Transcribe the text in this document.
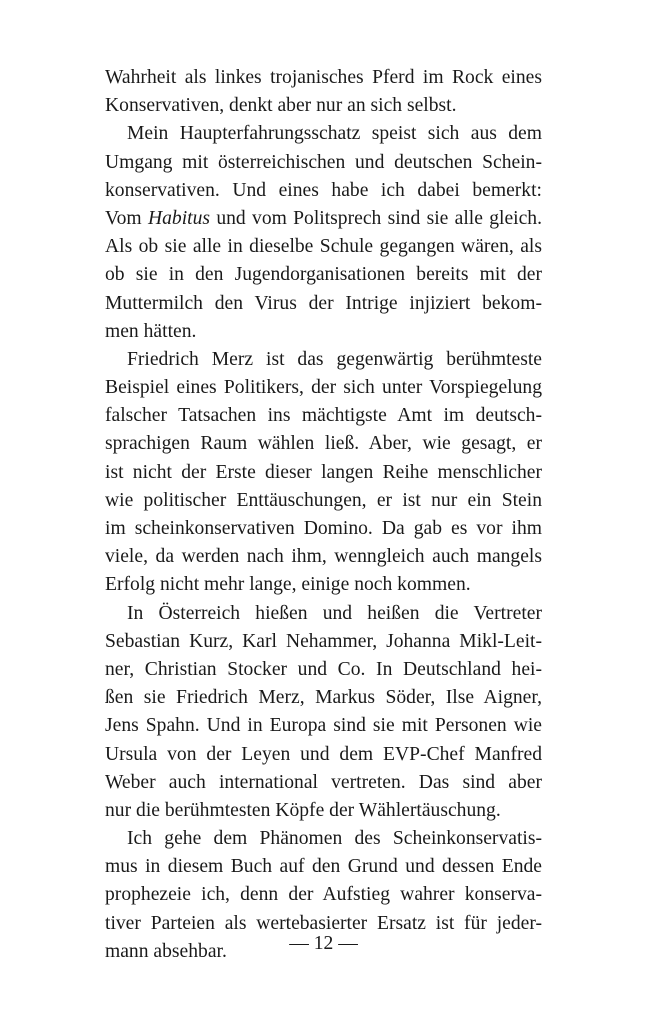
Wahrheit als linkes trojanisches Pferd im Rock eines
Konservativen, denkt aber nur an sich selbst.
Mein Haupterfahrungsschatz speist sich aus dem
Umgang mit österreichischen und deutschen Schein-
konservativen. Und eines habe ich dabei bemerkt:
Vom Habitus und vom Politsprech sind sie alle gleich.
Als ob sie alle in dieselbe Schule gegangen wären, als
ob sie in den Jugendorganisationen bereits mit der
Muttermilch den Virus der Intrige injiziert bekom-
men hätten.
Friedrich Merz ist das gegenwärtig berühmteste
Beispiel eines Politikers, der sich unter Vorspiegelung
falscher Tatsachen ins mächtigste Amt im deutsch-
sprachigen Raum wählen ließ. Aber, wie gesagt, er
ist nicht der Erste dieser langen Reihe menschlicher
wie politischer Enttäuschungen, er ist nur ein Stein
im scheinkonservativen Domino. Da gab es vor ihm
viele, da werden nach ihm, wenngleich auch mangels
Erfolg nicht mehr lange, einige noch kommen.
In Österreich hießen und heißen die Vertreter
Sebastian Kurz, Karl Nehammer, Johanna Mikl-Leit-
ner, Christian Stocker und Co. In Deutschland hei-
ßen sie Friedrich Merz, Markus Söder, Ilse Aigner,
Jens Spahn. Und in Europa sind sie mit Personen wie
Ursula von der Leyen und dem EVP-Chef Manfred
Weber auch international vertreten. Das sind aber
nur die berühmtesten Köpfe der Wählertäuschung.
Ich gehe dem Phänomen des Scheinkonservatis-
mus in diesem Buch auf den Grund und dessen Ende
prophezeie ich, denn der Aufstieg wahrer konserva-
tiver Parteien als wertebasierter Ersatz ist für jeder-
mann absehbar.	— 12 —
